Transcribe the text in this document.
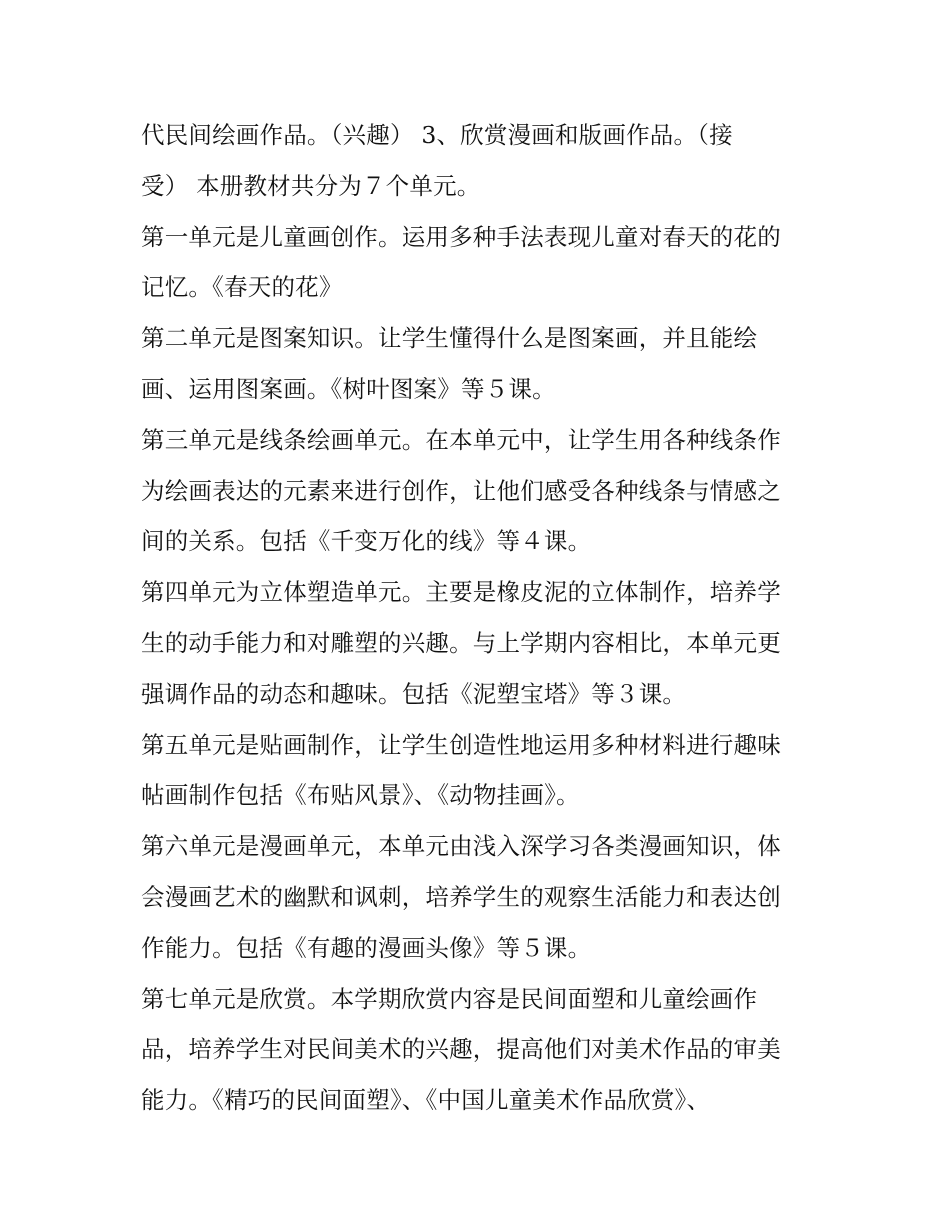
代民间绘画作品。（兴趣） 3、欣赏漫画和版画作品。（接
受） 本册教材共分为７个单元。
第一单元是儿童画创作。运用多种手法表现儿童对春天的花的
记忆。《春天的花》
第二单元是图案知识。让学生懂得什么是图案画，并且能绘
画、运用图案画。《树叶图案》等５课。
第三单元是线条绘画单元。在本单元中，让学生用各种线条作
为绘画表达的元素来进行创作，让他们感受各种线条与情感之
间的关系。包括《千变万化的线》等４课。
第四单元为立体塑造单元。主要是橡皮泥的立体制作，培养学
生的动手能力和对雕塑的兴趣。与上学期内容相比，本单元更
强调作品的动态和趣味。包括《泥塑宝塔》等３课。
第五单元是贴画制作，让学生创造性地运用多种材料进行趣味
帖画制作包括《布贴风景》、《动物挂画》。
第六单元是漫画单元，本单元由浅入深学习各类漫画知识，体
会漫画艺术的幽默和讽刺，培养学生的观察生活能力和表达创
作能力。包括《有趣的漫画头像》等５课。
第七单元是欣赏。本学期欣赏内容是民间面塑和儿童绘画作
品，培养学生对民间美术的兴趣，提高他们对美术作品的审美
能力。《精巧的民间面塑》、《中国儿童美术作品欣赏》、
